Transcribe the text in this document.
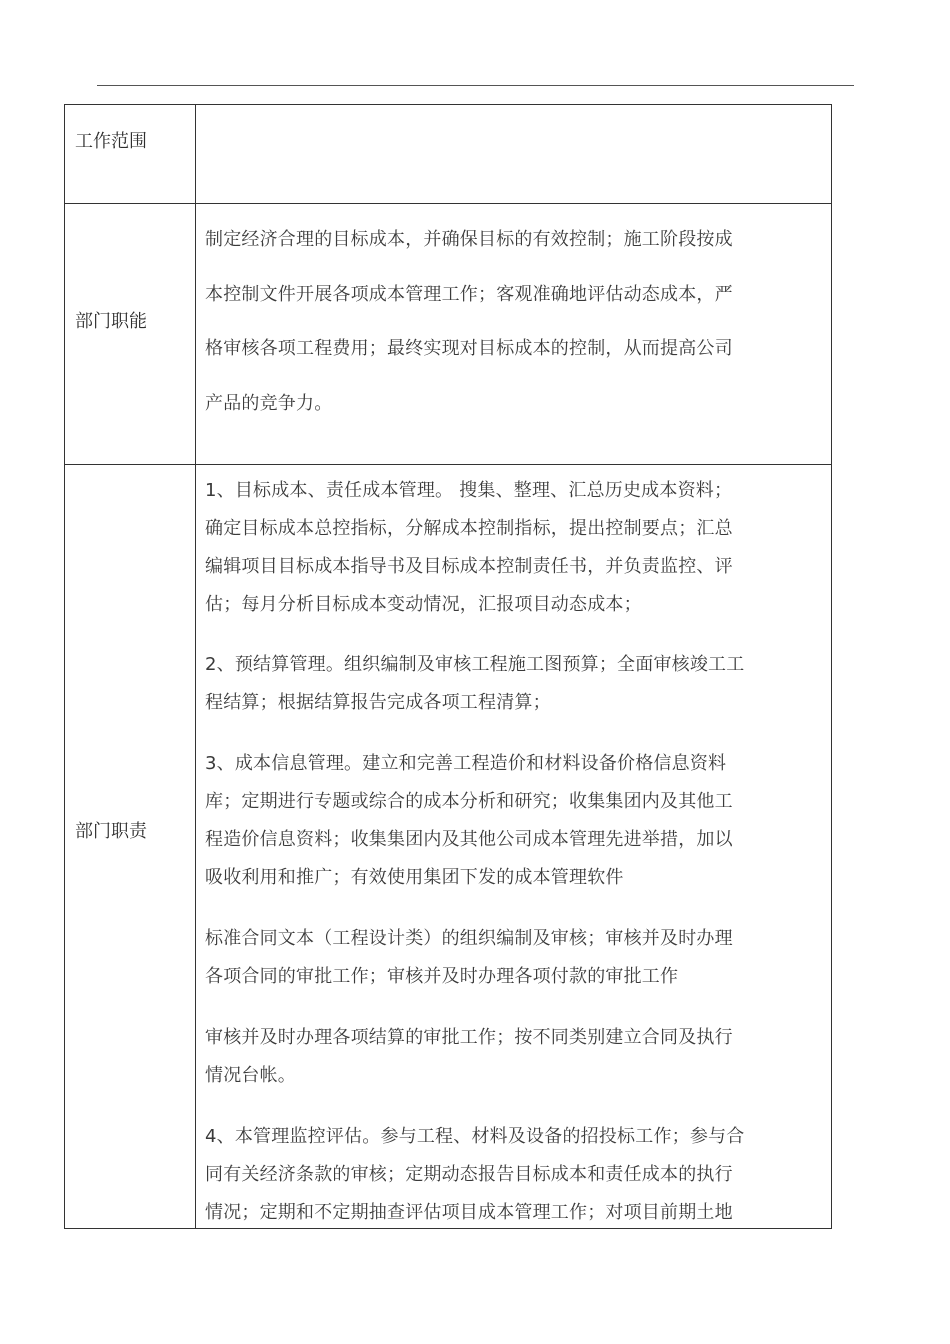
工作范围
部门职能
制定经济合理的目标成本，并确保目标的有效控制；施工阶段按成
本控制文件开展各项成本管理工作；客观准确地评估动态成本，严
格审核各项工程费用；最终实现对目标成本的控制，从而提高公司
产品的竞争力。
部门职责
1、目标成本、责任成本管理。 搜集、整理、汇总历史成本资料；
确定目标成本总控指标，分解成本控制指标，提出控制要点；汇总
编辑项目目标成本指导书及目标成本控制责任书，并负责监控、评
估；每月分析目标成本变动情况，汇报项目动态成本；
2、预结算管理。组织编制及审核工程施工图预算；全面审核竣工工
程结算；根据结算报告完成各项工程清算；
3、成本信息管理。建立和完善工程造价和材料设备价格信息资料
库；定期进行专题或综合的成本分析和研究；收集集团内及其他工
程造价信息资料；收集集团内及其他公司成本管理先进举措，加以
吸收利用和推广；有效使用集团下发的成本管理软件
标准合同文本（工程设计类）的组织编制及审核；审核并及时办理
各项合同的审批工作；审核并及时办理各项付款的审批工作
审核并及时办理各项结算的审批工作；按不同类别建立合同及执行
情况台帐。
4、本管理监控评估。参与工程、材料及设备的招投标工作；参与合
同有关经济条款的审核；定期动态报告目标成本和责任成本的执行
情况；定期和不定期抽查评估项目成本管理工作；对项目前期土地
